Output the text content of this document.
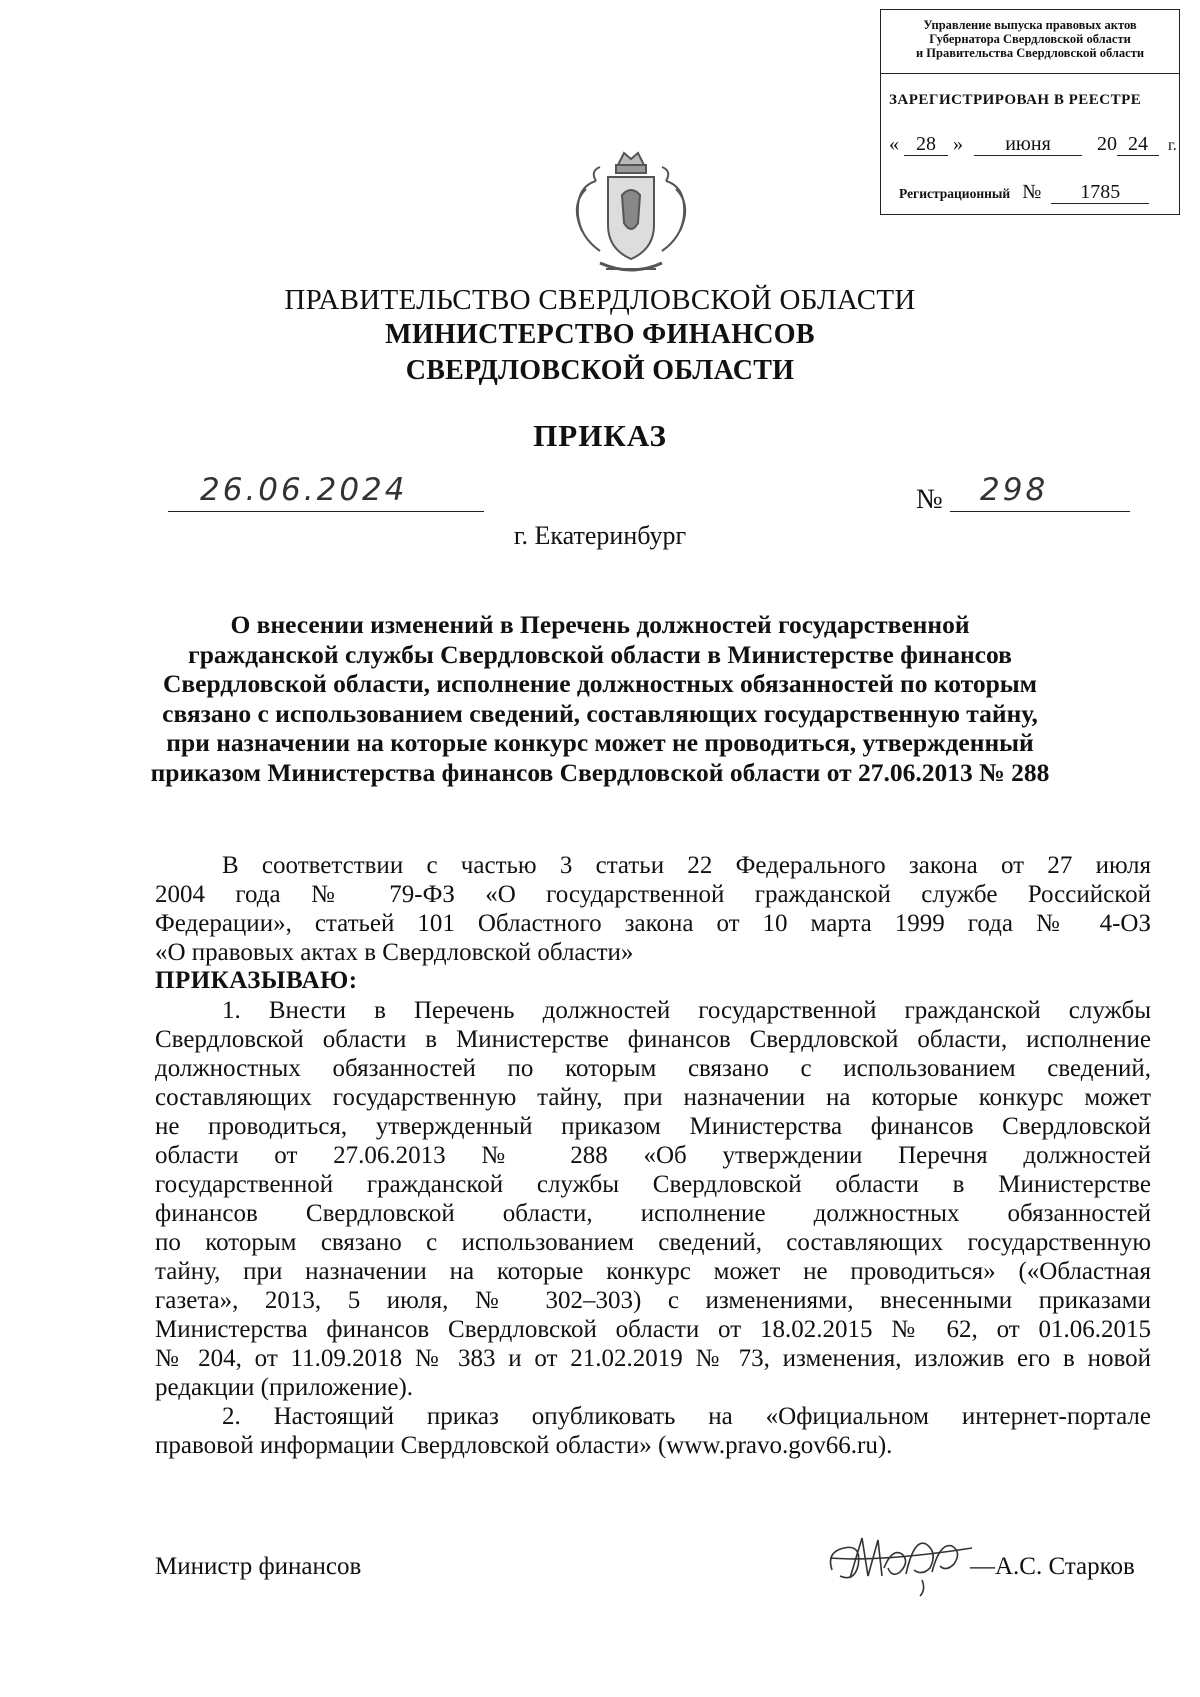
Управление выпуска правовых актов
Губернатора Свердловской области
и Правительства Свердловской области
ЗАРЕГИСТРИРОВАН В РЕЕСТРЕ
« 28 » июня 20 24 г.
Регистрационный № 1785
ПРАВИТЕЛЬСТВО СВЕРДЛОВСКОЙ ОБЛАСТИ
МИНИСТЕРСТВО ФИНАНСОВ
СВЕРДЛОВСКОЙ ОБЛАСТИ
ПРИКАЗ
26.06.2024	№ 298
г. Екатеринбург
О внесении изменений в Перечень должностей государственной
гражданской службы Свердловской области в Министерстве финансов
Свердловской области, исполнение должностных обязанностей по которым
связано с использованием сведений, составляющих государственную тайну,
при назначении на которые конкурс может не проводиться, утвержденный
приказом Министерства финансов Свердловской области от 27.06.2013 № 288
В соответствии с частью 3 статьи 22 Федерального закона от 27 июля
2004 года № 79-ФЗ «О государственной гражданской службе Российской
Федерации», статьей 101 Областного закона от 10 марта 1999 года № 4-ОЗ
«О правовых актах в Свердловской области»
ПРИКАЗЫВАЮ:
1. Внести в Перечень должностей государственной гражданской службы
Свердловской области в Министерстве финансов Свердловской области, исполнение
должностных обязанностей по которым связано с использованием сведений,
составляющих государственную тайну, при назначении на которые конкурс может
не проводиться, утвержденный приказом Министерства финансов Свердловской
области от 27.06.2013 № 288 «Об утверждении Перечня должностей
государственной гражданской службы Свердловской области в Министерстве
финансов Свердловской области, исполнение должностных обязанностей
по которым связано с использованием сведений, составляющих государственную
тайну, при назначении на которые конкурс может не проводиться» («Областная
газета», 2013, 5 июля, № 302–303) с изменениями, внесенными приказами
Министерства финансов Свердловской области от 18.02.2015 № 62, от 01.06.2015
№ 204, от 11.09.2018 № 383 и от 21.02.2019 № 73, изменения, изложив его в новой
редакции (приложение).
2. Настоящий приказ опубликовать на «Официальном интернет-портале
правовой информации Свердловской области» (www.pravo.gov66.ru).
Министр финансов	—А.С. Старков
